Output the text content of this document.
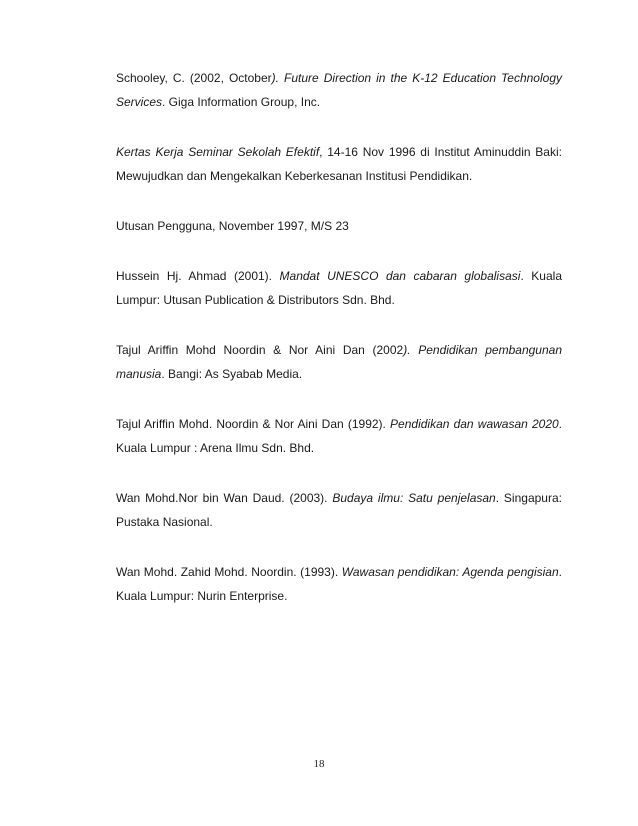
Schooley, C. (2002, October). Future Direction in the K-12 Education Technology Services. Giga Information Group, Inc.

Kertas Kerja Seminar Sekolah Efektif, 14-16 Nov 1996 di Institut Aminuddin Baki: Mewujudkan dan Mengekalkan Keberkesanan Institusi Pendidikan.

Utusan Pengguna, November 1997, M/S 23

Hussein Hj. Ahmad (2001). Mandat UNESCO dan cabaran globalisasi. Kuala Lumpur: Utusan Publication & Distributors Sdn. Bhd.

Tajul Ariffin Mohd Noordin & Nor Aini Dan (2002). Pendidikan pembangunan manusia. Bangi: As Syabab Media.

Tajul Ariffin Mohd. Noordin & Nor Aini Dan (1992). Pendidikan dan wawasan 2020. Kuala Lumpur : Arena Ilmu Sdn. Bhd.

Wan Mohd.Nor bin Wan Daud. (2003). Budaya ilmu: Satu penjelasan. Singapura: Pustaka Nasional.

Wan Mohd. Zahid Mohd. Noordin. (1993). Wawasan pendidikan: Agenda pengisian. Kuala Lumpur: Nurin Enterprise.

18
